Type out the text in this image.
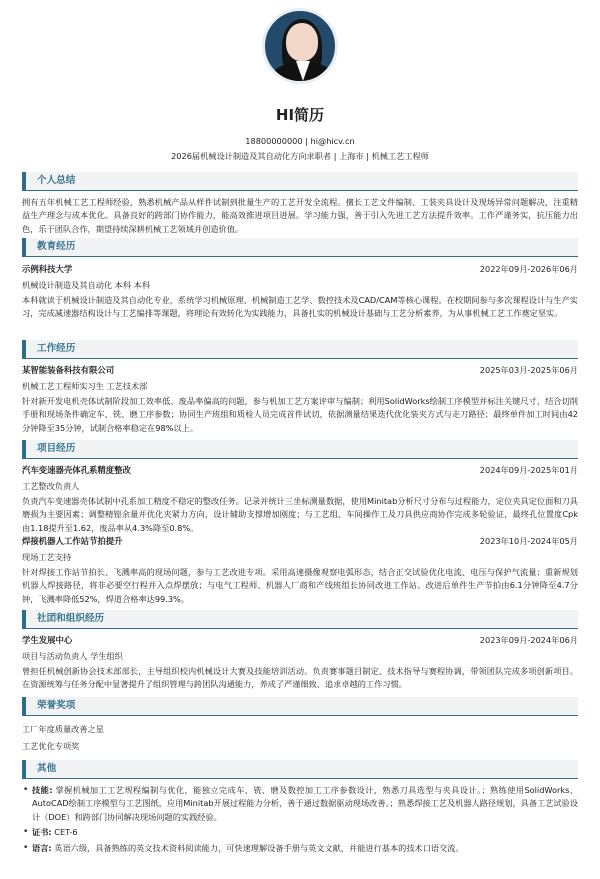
HI简历
18800000000 | hi@hicv.cn
2026届机械设计制造及其自动化方向求职者 | 上海市 | 机械工艺工程师
个人总结
拥有五年机械工艺工程师经验，熟悉机械产品从样件试制到批量生产的工艺开发全流程。擅长工艺文件编制、工装夹具设计及现场异常问题解决，注重精益生产理念与成本优化。具备良好的跨部门协作能力，能高效推进项目进展。学习能力强，善于引入先进工艺方法提升效率。工作严谨务实，抗压能力出色，乐于团队合作，期望持续深耕机械工艺领域并创造价值。
教育经历
示例科技大学	2022年09月-2026年06月
机械设计制造及其自动化 本科 本科
本科就读于机械设计制造及其自动化专业，系统学习机械原理、机械制造工艺学、数控技术及CAD/CAM等核心课程。在校期间参与多次课程设计与生产实习，完成减速器结构设计与工艺编排等课题，将理论有效转化为实践能力，具备扎实的机械设计基础与工艺分析素养，为从事机械工艺工作奠定坚实。
工作经历
某智能装备科技有限公司	2025年03月-2025年06月
机械工艺工程师实习生 工艺技术部
针对新开发电机壳体试制阶段加工效率低、废品率偏高的问题，参与机加工艺方案评审与编制；利用SolidWorks绘制工序模型并标注关键尺寸，结合切削手册和现场条件确定车、铣、磨工序参数；协同生产班组和质检人员完成首件试切，依据测量结果迭代优化装夹方式与走刀路径；最终单件加工时间由42分钟降至35分钟，试制合格率稳定在98%以上。
项目经历
汽车变速器壳体孔系精度整改	2024年09月-2025年01月
工艺整改负责人
负责汽车变速器壳体试制中孔系加工精度不稳定的整改任务。记录并统计三坐标测量数据，使用Minitab分析尺寸分布与过程能力，定位夹具定位面和刀具磨损为主要因素；调整精镗余量并优化夹紧力方向，设计辅助支撑增加刚度；与工艺组、车间操作工及刀具供应商协作完成多轮验证，最终孔位置度Cpk由1.18提升至1.62，废品率从4.3%降至0.8%。
焊接机器人工作站节拍提升	2023年10月-2024年05月
现场工艺支持
针对焊接工作站节拍长、飞溅率高的现场问题，参与工艺改进专项。采用高速摄像观察电弧形态，结合正交试验优化电流、电压与保护气流量；重新规划机器人焊接路径，将非必要空行程并入点焊摆放；与电气工程师、机器人厂商和产线班组长协同改进工作站。改进后单件生产节拍由6.1分钟降至4.7分钟，飞溅率降低52%，焊道合格率达99.3%。
社团和组织经历
学生发展中心	2023年09月-2024年06月
项目与活动负责人 学生组织
曾担任机械创新协会技术部部长，主导组织校内机械设计大赛及技能培训活动。负责赛事题目制定、技术指导与赛程协调，带领团队完成多项创新项目。在资源统筹与任务分配中显著提升了组织管理与跨团队沟通能力，养成了严谨细致、追求卓越的工作习惯。
荣誉奖项
工厂年度质量改善之星
工艺优化专项奖
其他
• 技能: 掌握机械加工工艺规程编制与优化，能独立完成车、铣、磨及数控加工工序参数设计，熟悉刀具选型与夹具设计。；熟练使用SolidWorks、AutoCAD绘制工序模型与工艺图纸，应用Minitab开展过程能力分析，善于通过数据驱动现场改善。；熟悉焊接工艺及机器人路径规划，具备工艺试验设计（DOE）和跨部门协同解决现场问题的实践经验。
• 证书: CET-6
• 语言: 英语六级，具备熟练的英文技术资料阅读能力，可快速理解设备手册与英文文献，并能进行基本的技术口语交流。
